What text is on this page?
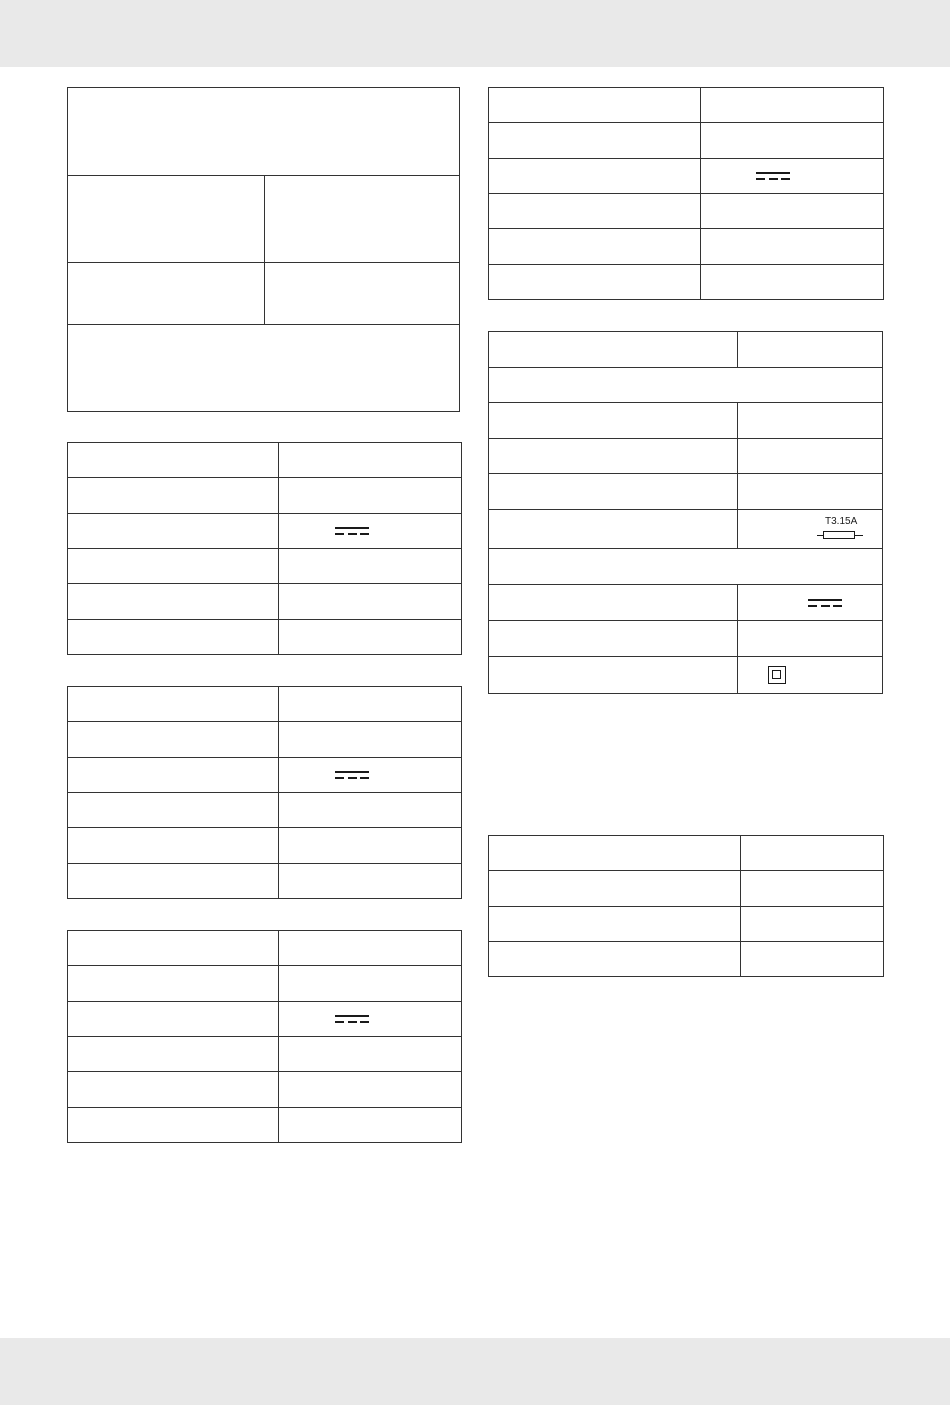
	T3.15A
